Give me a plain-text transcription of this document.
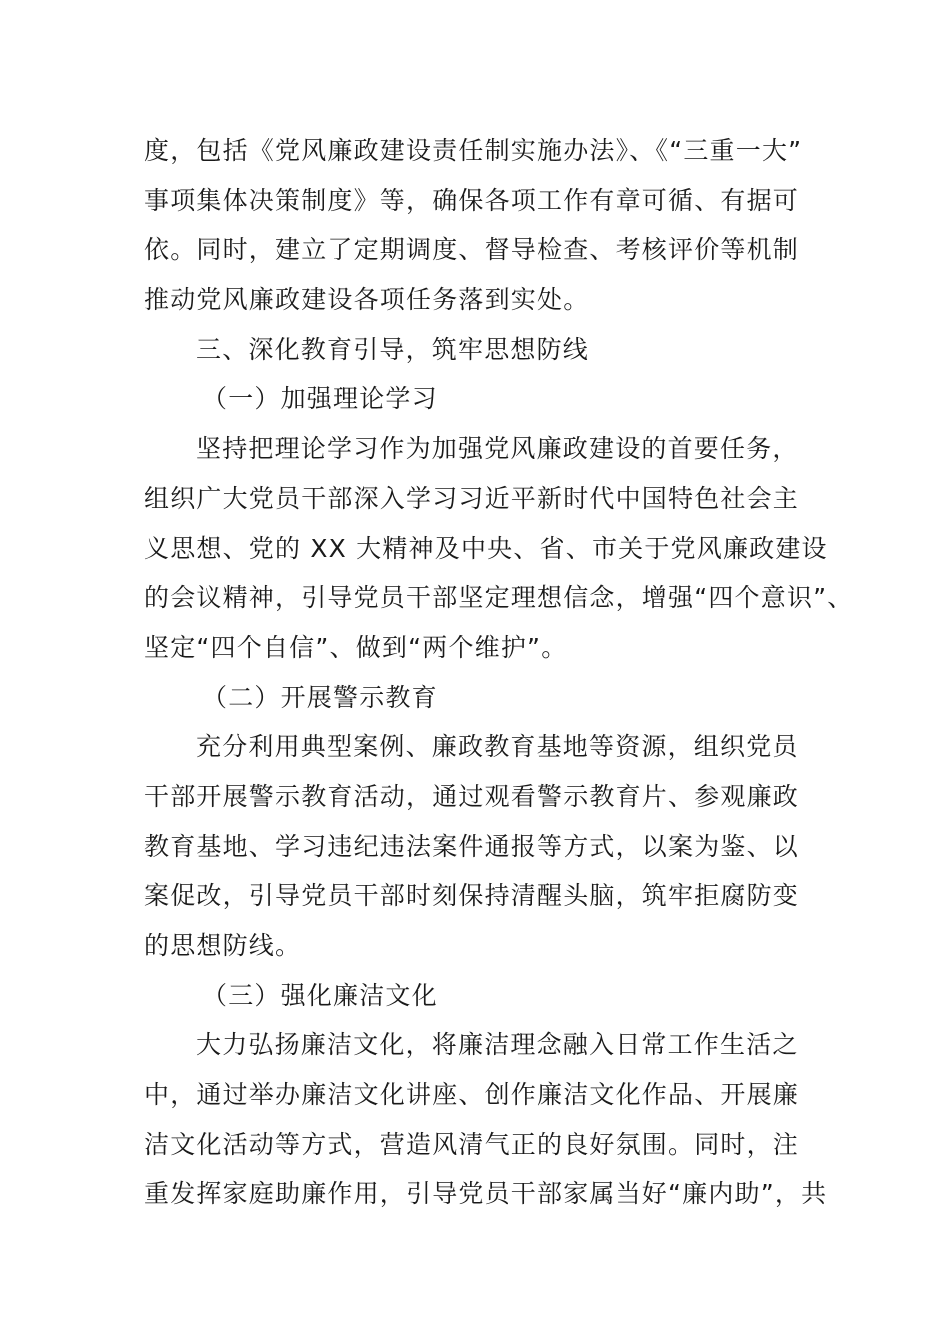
度，包括《党风廉政建设责任制实施办法》、《“三重一大”
事项集体决策制度》等，确保各项工作有章可循、有据可
依。同时，建立了定期调度、督导检查、考核评价等机制
推动党风廉政建设各项任务落到实处。
三、深化教育引导，筑牢思想防线
（一）加强理论学习
坚持把理论学习作为加强党风廉政建设的首要任务，
组织广大党员干部深入学习习近平新时代中国特色社会主
义思想、党的 XX 大精神及中央、省、市关于党风廉政建设
的会议精神，引导党员干部坚定理想信念，增强“四个意识”、
坚定“四个自信”、做到“两个维护”。
（二）开展警示教育
充分利用典型案例、廉政教育基地等资源，组织党员
干部开展警示教育活动，通过观看警示教育片、参观廉政
教育基地、学习违纪违法案件通报等方式，以案为鉴、以
案促改，引导党员干部时刻保持清醒头脑，筑牢拒腐防变
的思想防线。
（三）强化廉洁文化
大力弘扬廉洁文化，将廉洁理念融入日常工作生活之
中，通过举办廉洁文化讲座、创作廉洁文化作品、开展廉
洁文化活动等方式，营造风清气正的良好氛围。同时，注
重发挥家庭助廉作用，引导党员干部家属当好“廉内助”，共
